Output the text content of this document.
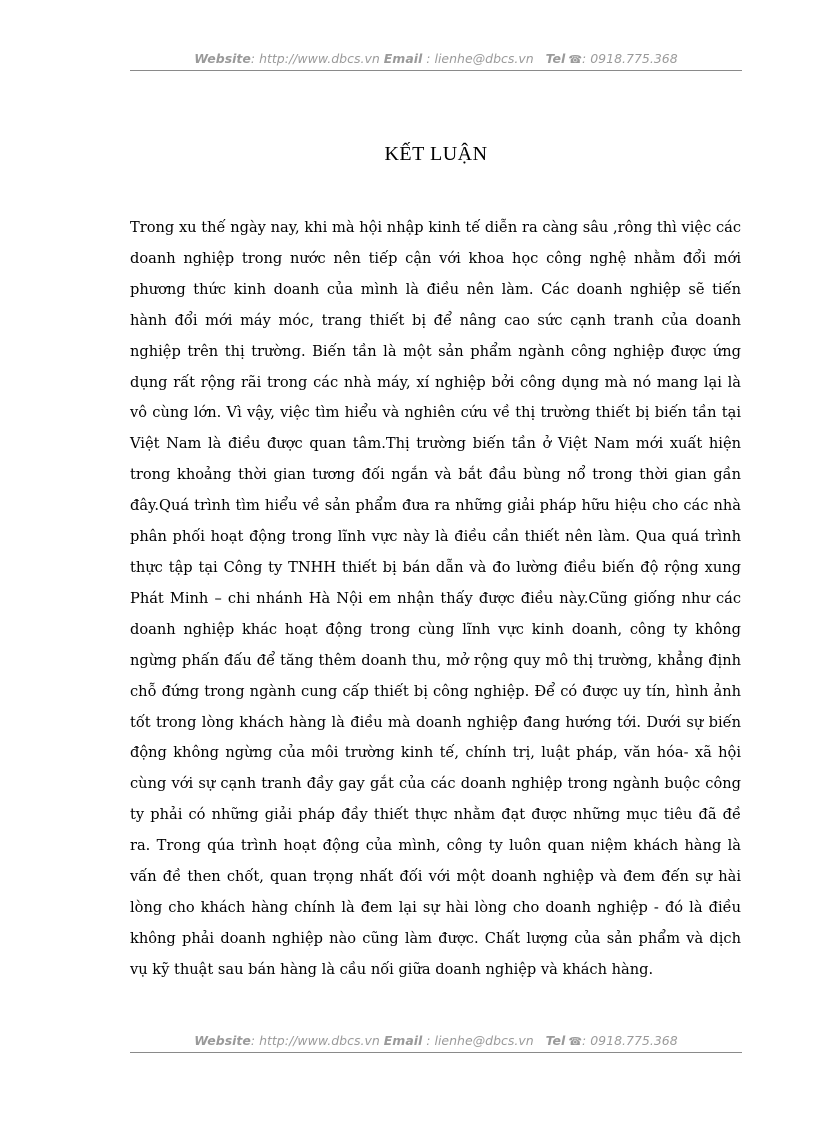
Website: http://www.dbcs.vn Email : lienhe@dbcs.vn Tel ☎: 0918.775.368
KẾT LUẬN

Trong xu thế ngày nay, khi mà hội nhập kinh tế diễn ra càng sâu ,rông thì việc các doanh nghiệp trong nước nên tiếp cận với khoa học công nghệ nhằm đổi mới phương thức kinh doanh của mình là điều nên làm. Các doanh nghiệp sẽ tiến hành đổi mới máy móc, trang thiết bị để nâng cao sức cạnh tranh của doanh nghiệp trên thị trường. Biến tần là một sản phẩm ngành công nghiệp được ứng dụng rất rộng rãi trong các nhà máy, xí nghiệp bởi công dụng mà nó mang lại là vô cùng lớn. Vì vậy, việc tìm hiểu và nghiên cứu về thị trường thiết bị biến tần tại Việt Nam là điều được quan tâm.Thị trường biến tần ở Việt Nam mới xuất hiện trong khoảng thời gian tương đối ngắn và bắt đầu bùng nổ trong thời gian gần đây.Quá trình tìm hiểu về sản phẩm đưa ra những giải pháp hữu hiệu cho các nhà phân phối hoạt động trong lĩnh vực này là điều cần thiết nên làm. Qua quá trình thực tập tại Công ty TNHH thiết bị bán dẫn và đo lường điều biến độ rộng xung Phát Minh – chi nhánh Hà Nội em nhận thấy được điều này.Cũng giống như các doanh nghiệp khác hoạt động trong cùng lĩnh vực kinh doanh, công ty không ngừng phấn đấu để tăng thêm doanh thu, mở rộng quy mô thị trường, khẳng định chỗ đứng trong ngành cung cấp thiết bị công nghiệp. Để có được uy tín, hình ảnh tốt trong lòng khách hàng là điều mà doanh nghiệp đang hướng tới. Dưới sự biến động không ngừng của môi trường kinh tế, chính trị, luật pháp, văn hóa- xã hội cùng với sự cạnh tranh đầy gay gắt của các doanh nghiệp trong ngành buộc công ty phải có những giải pháp đầy thiết thực nhằm đạt được những mục tiêu đã đề ra. Trong qúa trình hoạt động của mình, công ty luôn quan niệm khách hàng là vấn đề then chốt, quan trọng nhất đối với một doanh nghiệp và đem đến sự hài lòng cho khách hàng chính là đem lại sự hài lòng cho doanh nghiệp - đó là điều không phải doanh nghiệp nào cũng làm được. Chất lượng của sản phẩm và dịch vụ kỹ thuật sau bán hàng là cầu nối giữa doanh nghiệp và khách hàng.

Website: http://www.dbcs.vn Email : lienhe@dbcs.vn Tel ☎: 0918.775.368
